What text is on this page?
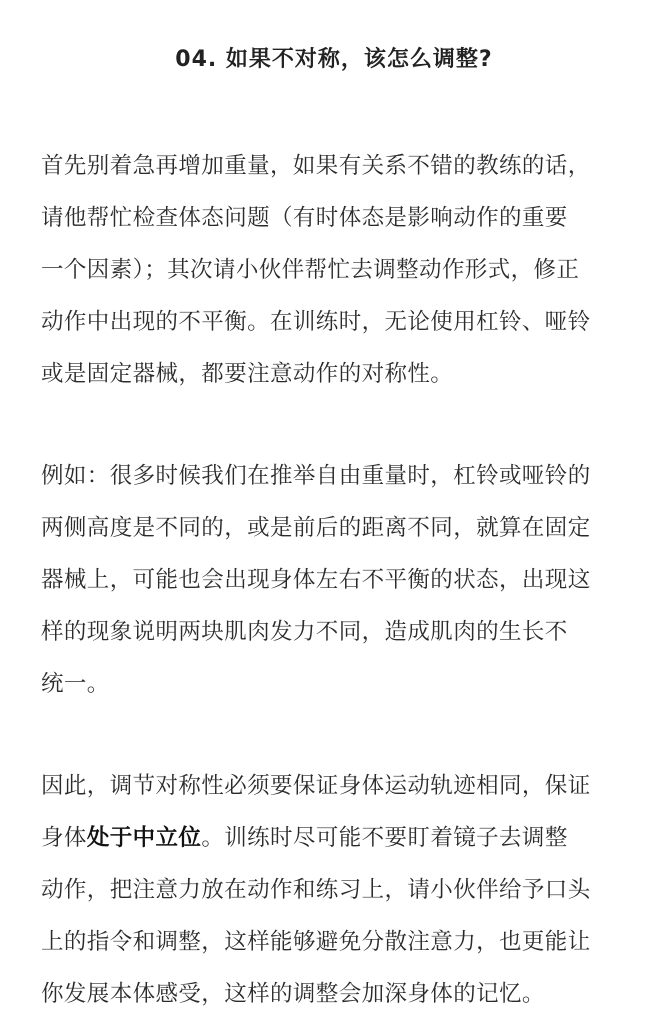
04. 如果不对称，该怎么调整?

首先别着急再增加重量，如果有关系不错的教练的话，
请他帮忙检查体态问题（有时体态是影响动作的重要
一个因素）；其次请小伙伴帮忙去调整动作形式，修正
动作中出现的不平衡。在训练时，无论使用杠铃、哑铃
或是固定器械，都要注意动作的对称性。

例如：很多时候我们在推举自由重量时，杠铃或哑铃的
两侧高度是不同的，或是前后的距离不同，就算在固定
器械上，可能也会出现身体左右不平衡的状态，出现这
样的现象说明两块肌肉发力不同，造成肌肉的生长不
统一。

因此，调节对称性必须要保证身体运动轨迹相同，保证
身体处于中立位。训练时尽可能不要盯着镜子去调整
动作，把注意力放在动作和练习上，请小伙伴给予口头
上的指令和调整，这样能够避免分散注意力，也更能让
你发展本体感受，这样的调整会加深身体的记忆。
